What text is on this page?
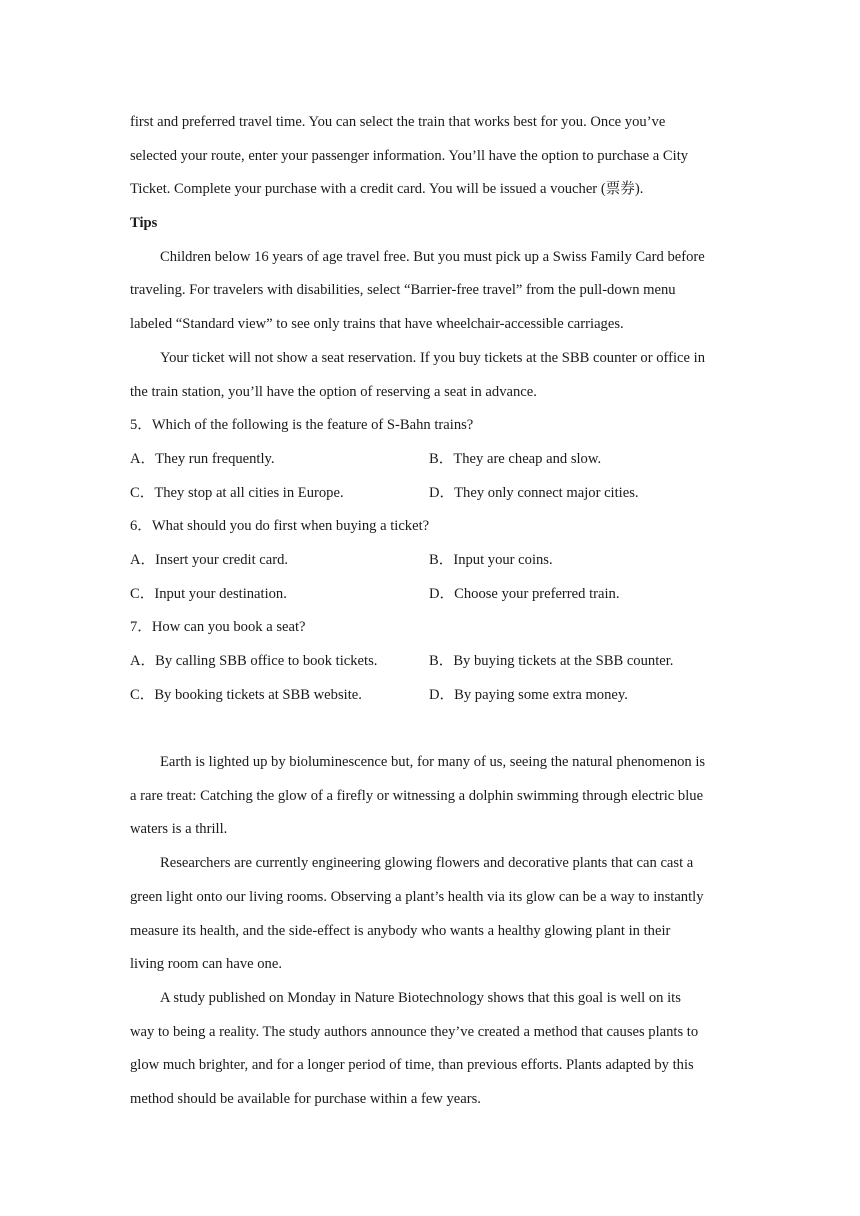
first and preferred travel time. You can select the train that works best for you. Once you’ve
selected your route, enter your passenger information. You’ll have the option to purchase a City
Ticket. Complete your purchase with a credit card. You will be issued a voucher (票券).
Tips
Children below 16 years of age travel free. But you must pick up a Swiss Family Card before
traveling. For travelers with disabilities, select “Barrier-free travel” from the pull-down menu
labeled “Standard view” to see only trains that have wheelchair-accessible carriages.
Your ticket will not show a seat reservation. If you buy tickets at the SBB counter or office in
the train station, you’ll have the option of reserving a seat in advance.
5．Which of the following is the feature of S-Bahn trains?
A．They run frequently.	B．They are cheap and slow.
C．They stop at all cities in Europe.	D．They only connect major cities.
6．What should you do first when buying a ticket?
A．Insert your credit card.	B．Input your coins.
C．Input your destination.	D．Choose your preferred train.
7．How can you book a seat?
A．By calling SBB office to book tickets.	B．By buying tickets at the SBB counter.
C．By booking tickets at SBB website.	D．By paying some extra money.
Earth is lighted up by bioluminescence but, for many of us, seeing the natural phenomenon is
a rare treat: Catching the glow of a firefly or witnessing a dolphin swimming through electric blue
waters is a thrill.
Researchers are currently engineering glowing flowers and decorative plants that can cast a
green light onto our living rooms. Observing a plant’s health via its glow can be a way to instantly
measure its health, and the side-effect is anybody who wants a healthy glowing plant in their
living room can have one.
A study published on Monday in Nature Biotechnology shows that this goal is well on its
way to being a reality. The study authors announce they’ve created a method that causes plants to
glow much brighter, and for a longer period of time, than previous efforts. Plants adapted by this
method should be available for purchase within a few years.
